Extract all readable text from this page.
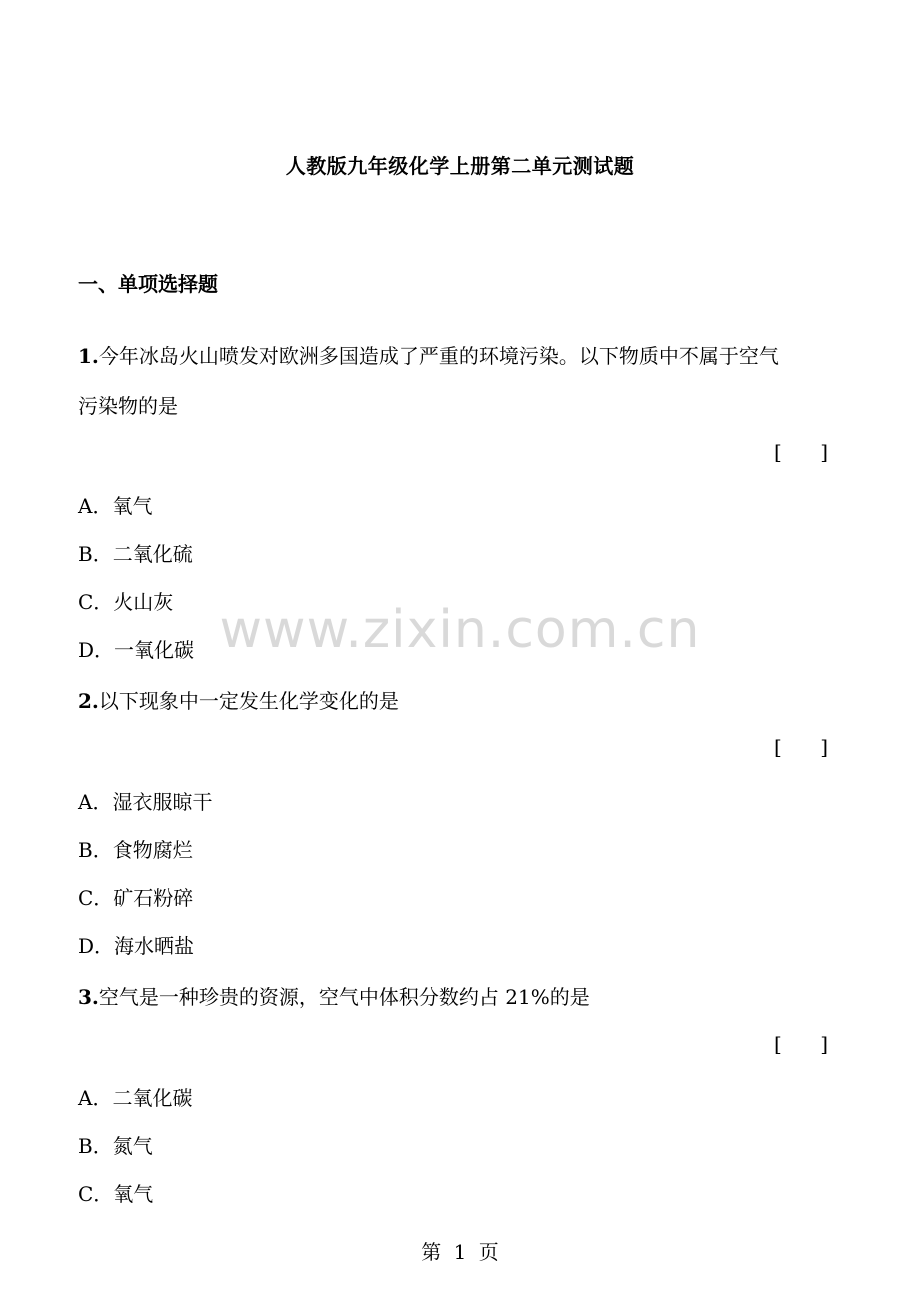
人教版九年级化学上册第二单元测试题
一、单项选择题
1.今年冰岛火山喷发对欧洲多国造成了严重的环境污染。以下物质中不属于空气
污染物的是
[ ]
A．氧气
B．二氧化硫
C．火山灰
D．一氧化碳
2.以下现象中一定发生化学变化的是
[ ]
A．湿衣服晾干
B．食物腐烂
C．矿石粉碎
D．海水晒盐
3.空气是一种珍贵的资源，空气中体积分数约占 21%的是
[ ]
A．二氧化碳
B．氮气
C．氧气
www.zixin.com.cn
第 1 页
